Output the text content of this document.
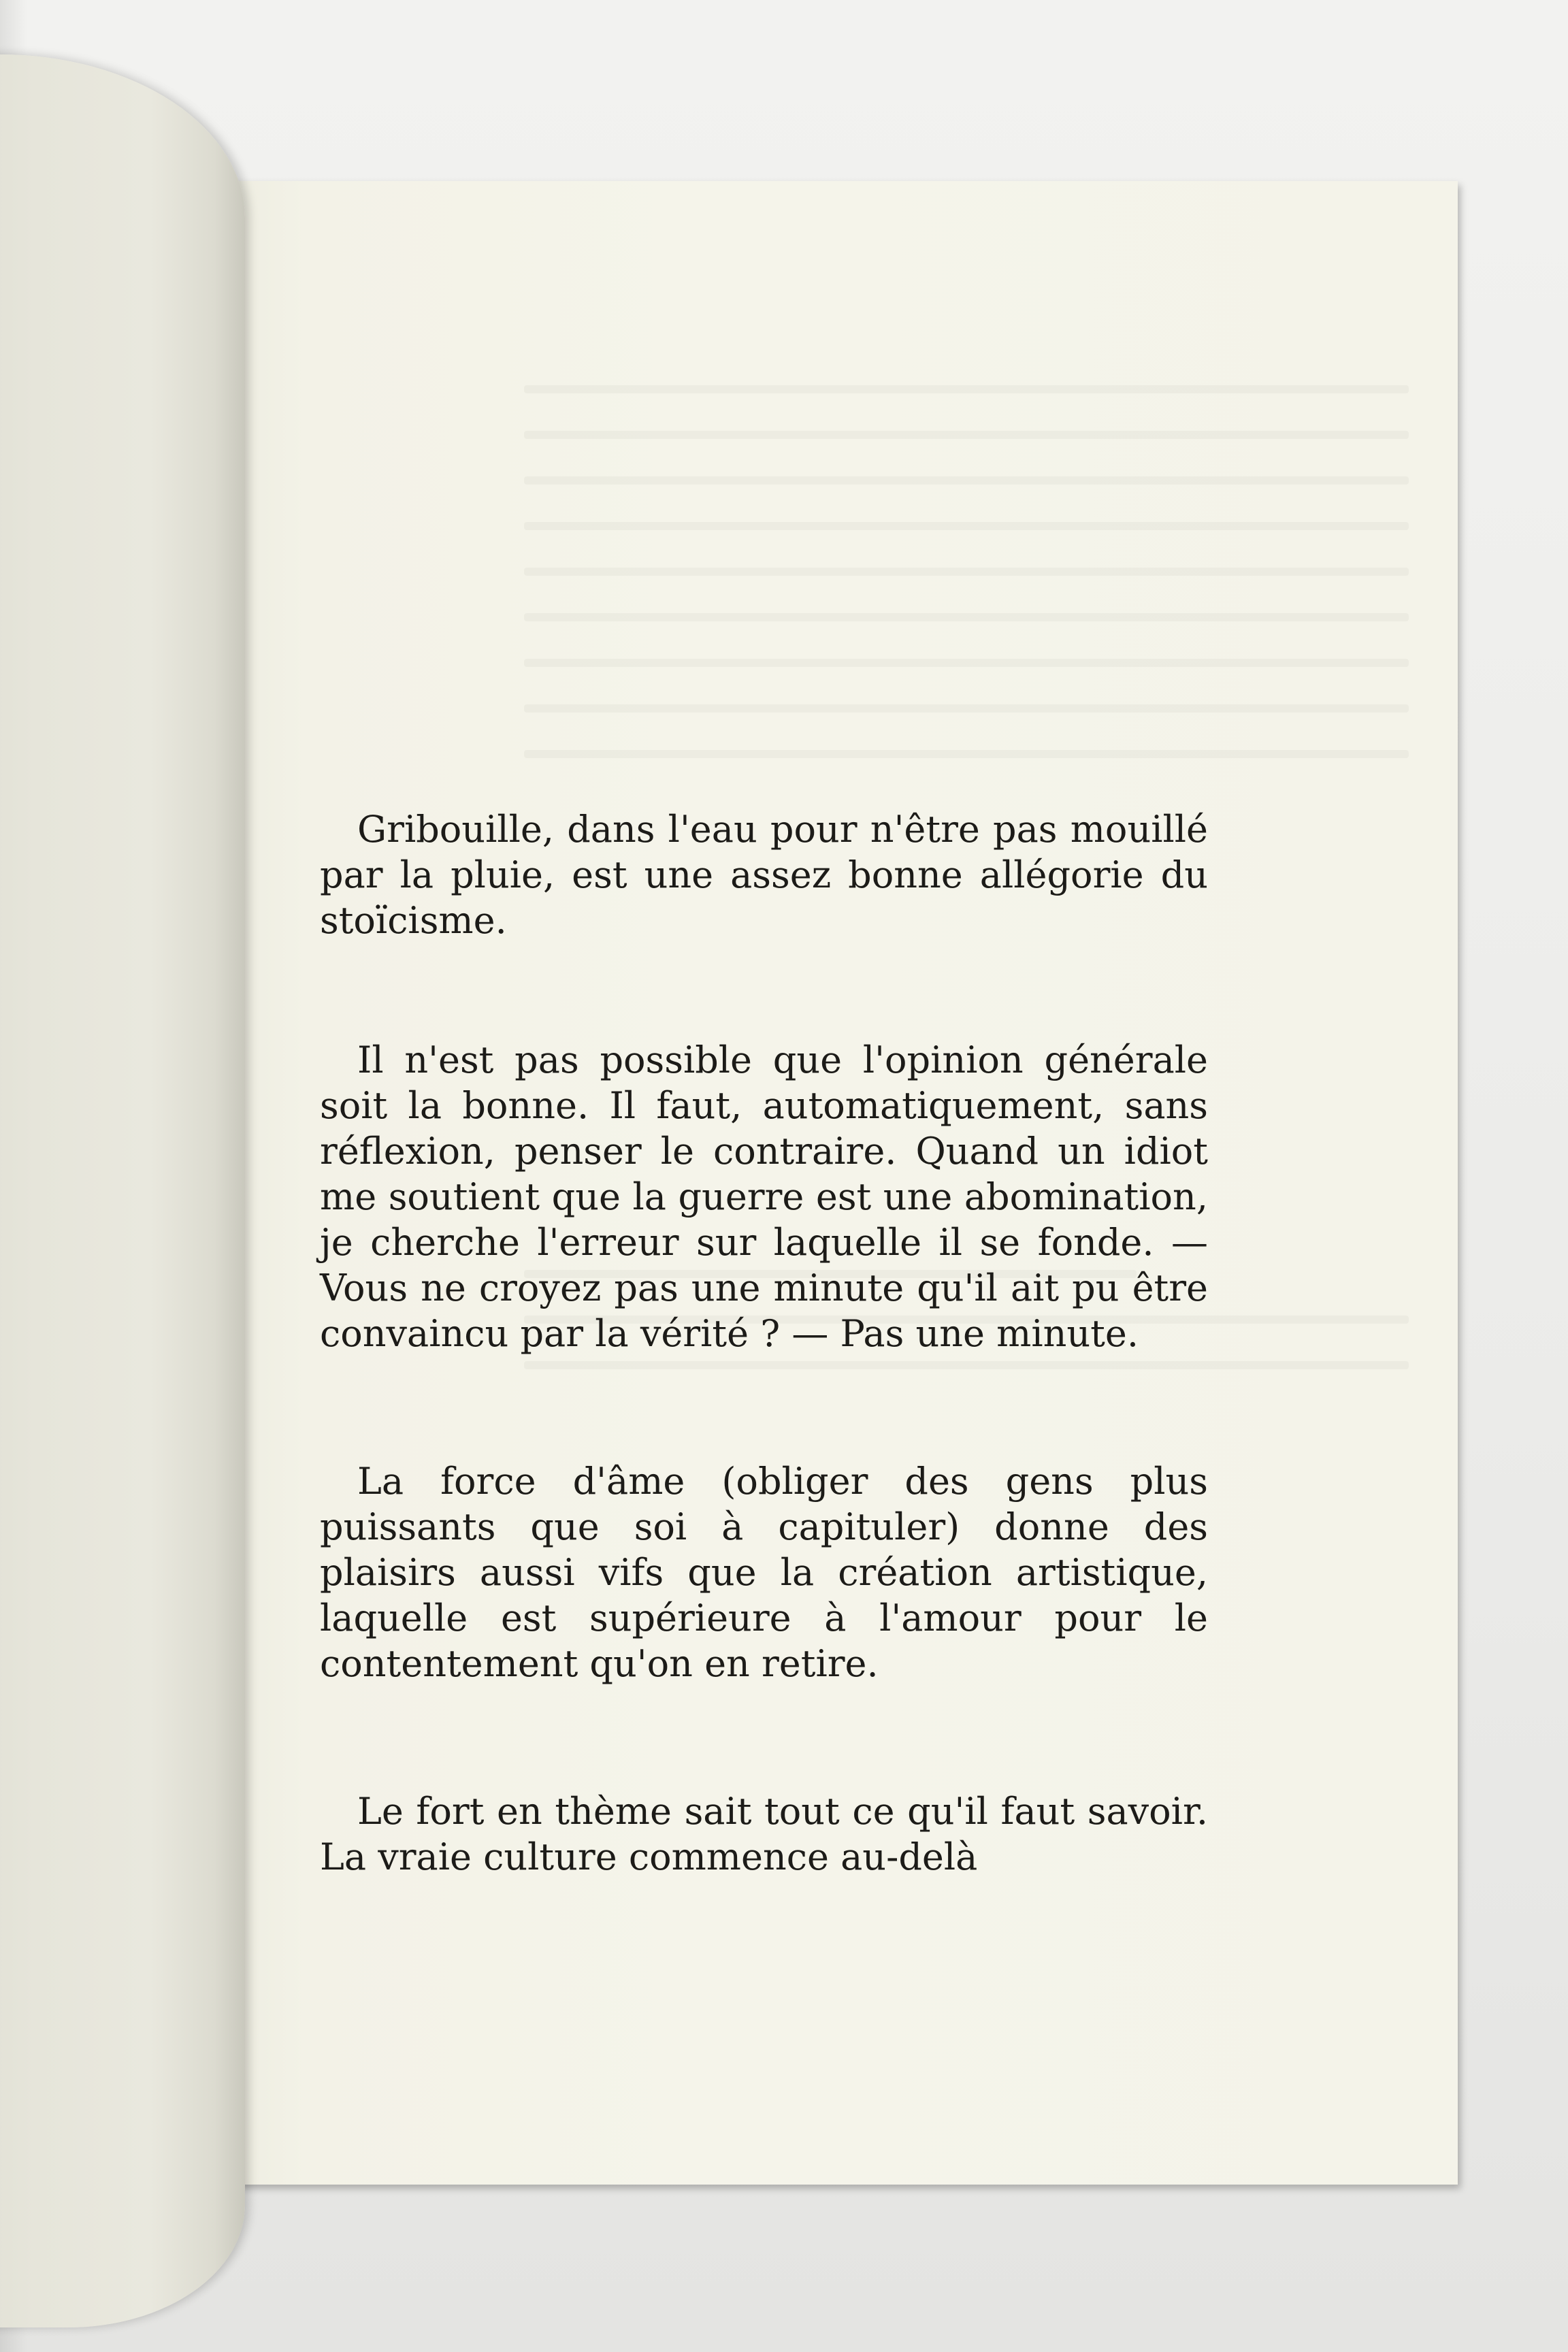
Gribouille, dans l'eau pour n'être pas mouillé par la pluie, est une assez bonne allégorie du stoïcisme.

Il n'est pas possible que l'opinion générale soit la bonne. Il faut, automatiquement, sans réflexion, penser le contraire. Quand un idiot me soutient que la guerre est une abomination, je cherche l'erreur sur laquelle il se fonde. — Vous ne croyez pas une minute qu'il ait pu être convaincu par la vérité ? — Pas une minute.

La force d'âme (obliger des gens plus puissants que soi à capituler) donne des plaisirs aussi vifs que la création artistique, laquelle est supérieure à l'amour pour le contentement qu'on en retire.

Le fort en thème sait tout ce qu'il faut savoir. La vraie culture commence au-delà
